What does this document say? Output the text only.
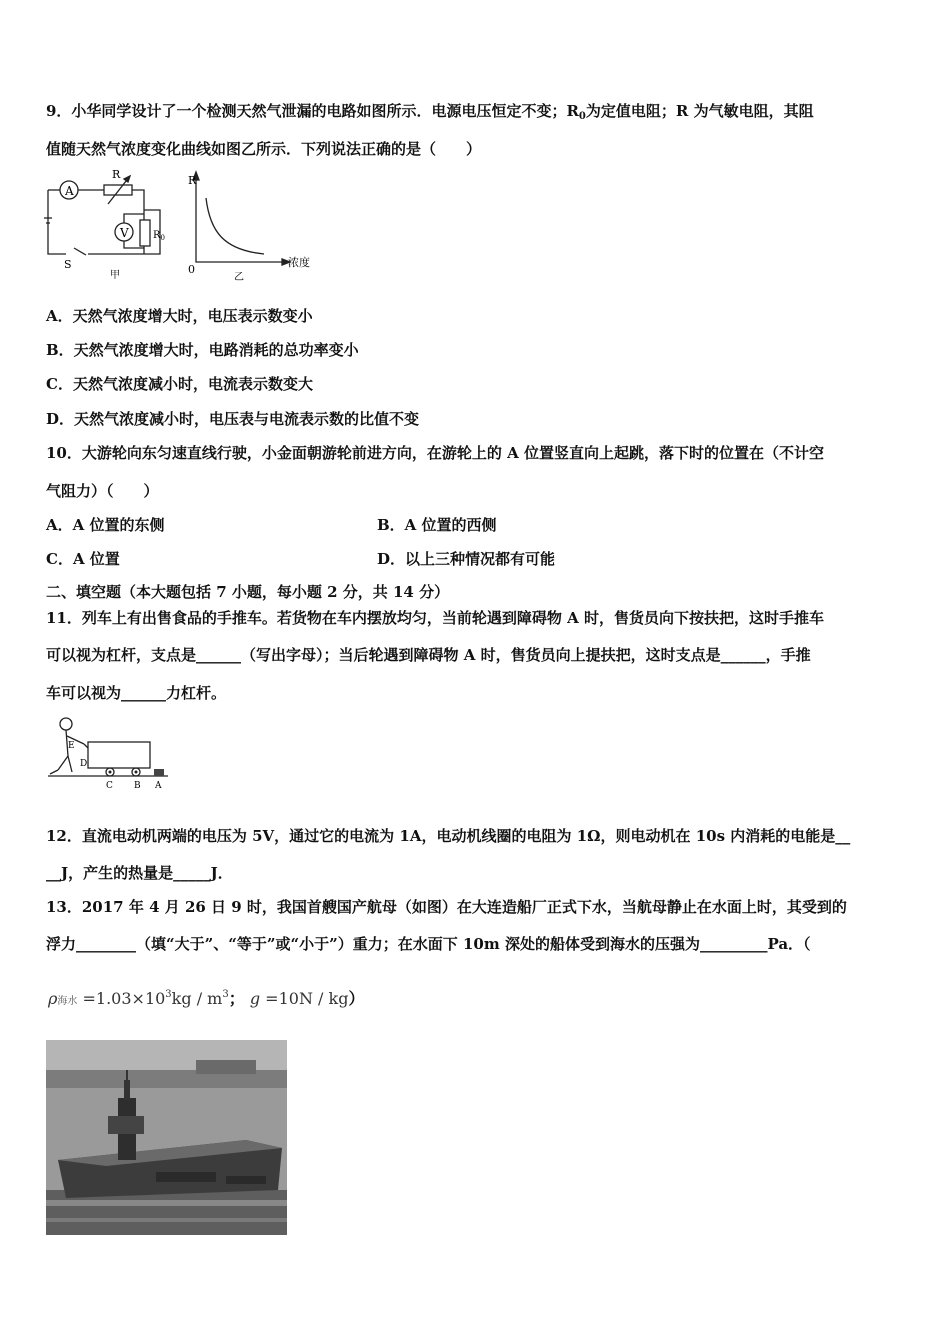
9．小华同学设计了一个检测天然气泄漏的电路如图所示．电源电压恒定不变；$R_0$为定值电阻；R 为气敏电阻，其阻
值随天然气浓度变化曲线如图乙所示．下列说法正确的是（　　）
A
V
R
$R_0$
S
甲
R
0
浓度
乙
A．天然气浓度增大时，电压表示数变小
B．天然气浓度增大时，电路消耗的总功率变小
C．天然气浓度减小时，电流表示数变大
D．天然气浓度减小时，电压表与电流表示数的比值不变
10．大游轮向东匀速直线行驶，小金面朝游轮前进方向，在游轮上的 A 位置竖直向上起跳，落下时的位置在（不计空
气阻力）（　　）
A．A 位置的东侧	B．A 位置的西侧
C．A 位置	D．以上三种情况都有可能
二、填空题（本大题包括 7 小题，每小题 2 分，共 14 分）
11．列车上有出售食品的手推车。若货物在车内摆放均匀，当前轮遇到障碍物 A 时，售货员向下按扶把，这时手推车
可以视为杠杆，支点是______（写出字母）；当后轮遇到障碍物 A 时，售货员向上提扶把，这时支点是______，手推
车可以视为______力杠杆。
E
D
C B A
12．直流电动机两端的电压为 5V，通过它的电流为 1A，电动机线圈的电阻为 1Ω，则电动机在 10s 内消耗的电能是__
__J，产生的热量是_____J．
13．2017 年 4 月 26 日 9 时，我国首艘国产航母（如图）在大连造船厂正式下水，当航母静止在水面上时，其受到的
浮力________（填“大于”、“等于”或“小于”）重力；在水面下 10m 深处的船体受到海水的压强为_________Pa．（
ρ海水 $=1.03\times 10^3kg / m^3$； g =10N / kg）
